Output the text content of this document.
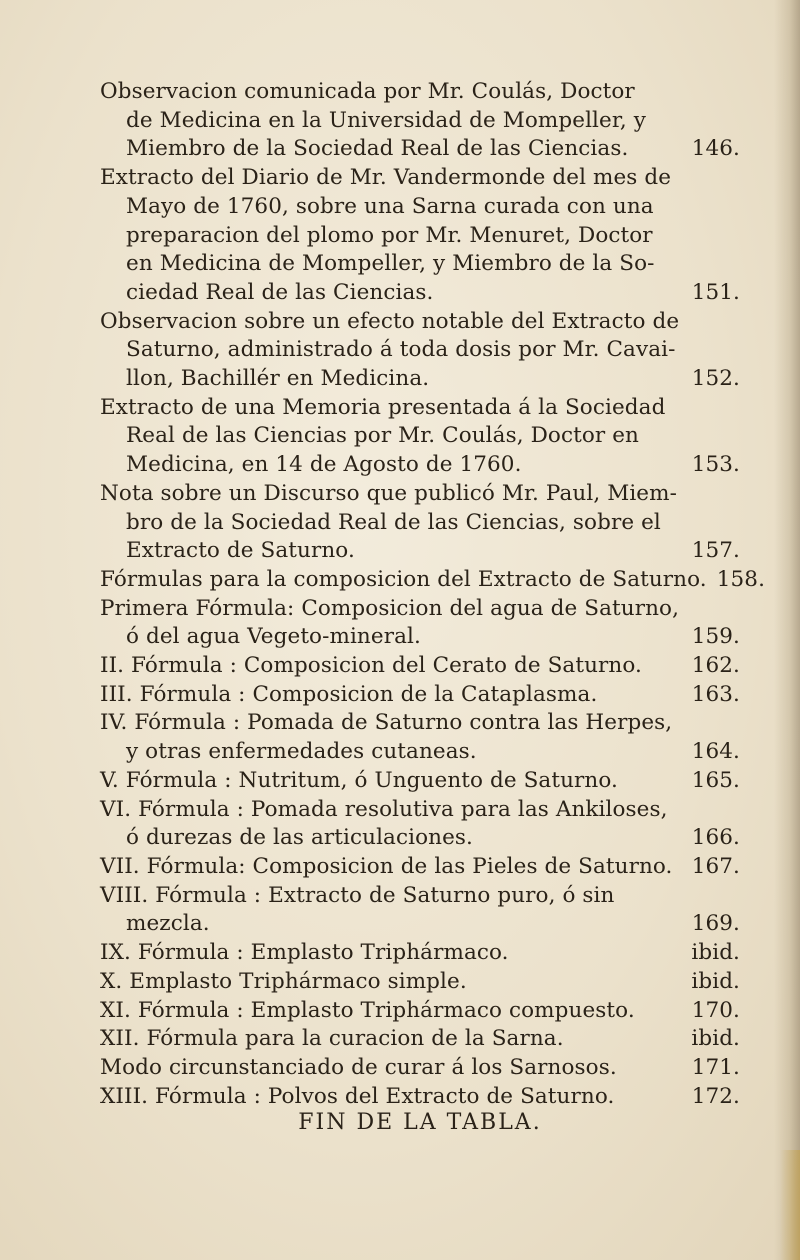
Observacion comunicada por Mr. Coulás, Doctor
de Medicina en la Universidad de Mompeller, y
Miembro de la Sociedad Real de las Ciencias.	146.
Extracto del Diario de Mr. Vandermonde del mes de
Mayo de 1760, sobre una Sarna curada con una
preparacion del plomo por Mr. Menuret, Doctor
en Medicina de Mompeller, y Miembro de la So-
ciedad Real de las Ciencias.	151.
Observacion sobre un efecto notable del Extracto de
Saturno, administrado á toda dosis por Mr. Cavai-
llon, Bachillér en Medicina.	152.
Extracto de una Memoria presentada á la Sociedad
Real de las Ciencias por Mr. Coulás, Doctor en
Medicina, en 14 de Agosto de 1760.	153.
Nota sobre un Discurso que publicó Mr. Paul, Miem-
bro de la Sociedad Real de las Ciencias, sobre el
Extracto de Saturno.	157.
Fórmulas para la composicion del Extracto de Saturno. 158.
Primera Fórmula: Composicion del agua de Saturno,
ó del agua Vegeto-mineral.	159.
II. Fórmula : Composicion del Cerato de Saturno.	162.
III. Fórmula : Composicion de la Cataplasma.	163.
IV. Fórmula : Pomada de Saturno contra las Herpes,
y otras enfermedades cutaneas.	164.
V. Fórmula : Nutritum, ó Unguento de Saturno.	165.
VI. Fórmula : Pomada resolutiva para las Ankiloses,
ó durezas de las articulaciones.	166.
VII. Fórmula: Composicion de las Pieles de Saturno. 167.
VIII. Fórmula : Extracto de Saturno puro, ó sin
mezcla.	169.
IX. Fórmula : Emplasto Triphármaco.	ibid.
X. Emplasto Triphármaco simple.	ibid.
XI. Fórmula : Emplasto Triphármaco compuesto.	170.
XII. Fórmula para la curacion de la Sarna.	ibid.
Modo circunstanciado de curar á los Sarnosos.	171.
XIII. Fórmula : Polvos del Extracto de Saturno.	172.
FIN DE LA TABLA.
